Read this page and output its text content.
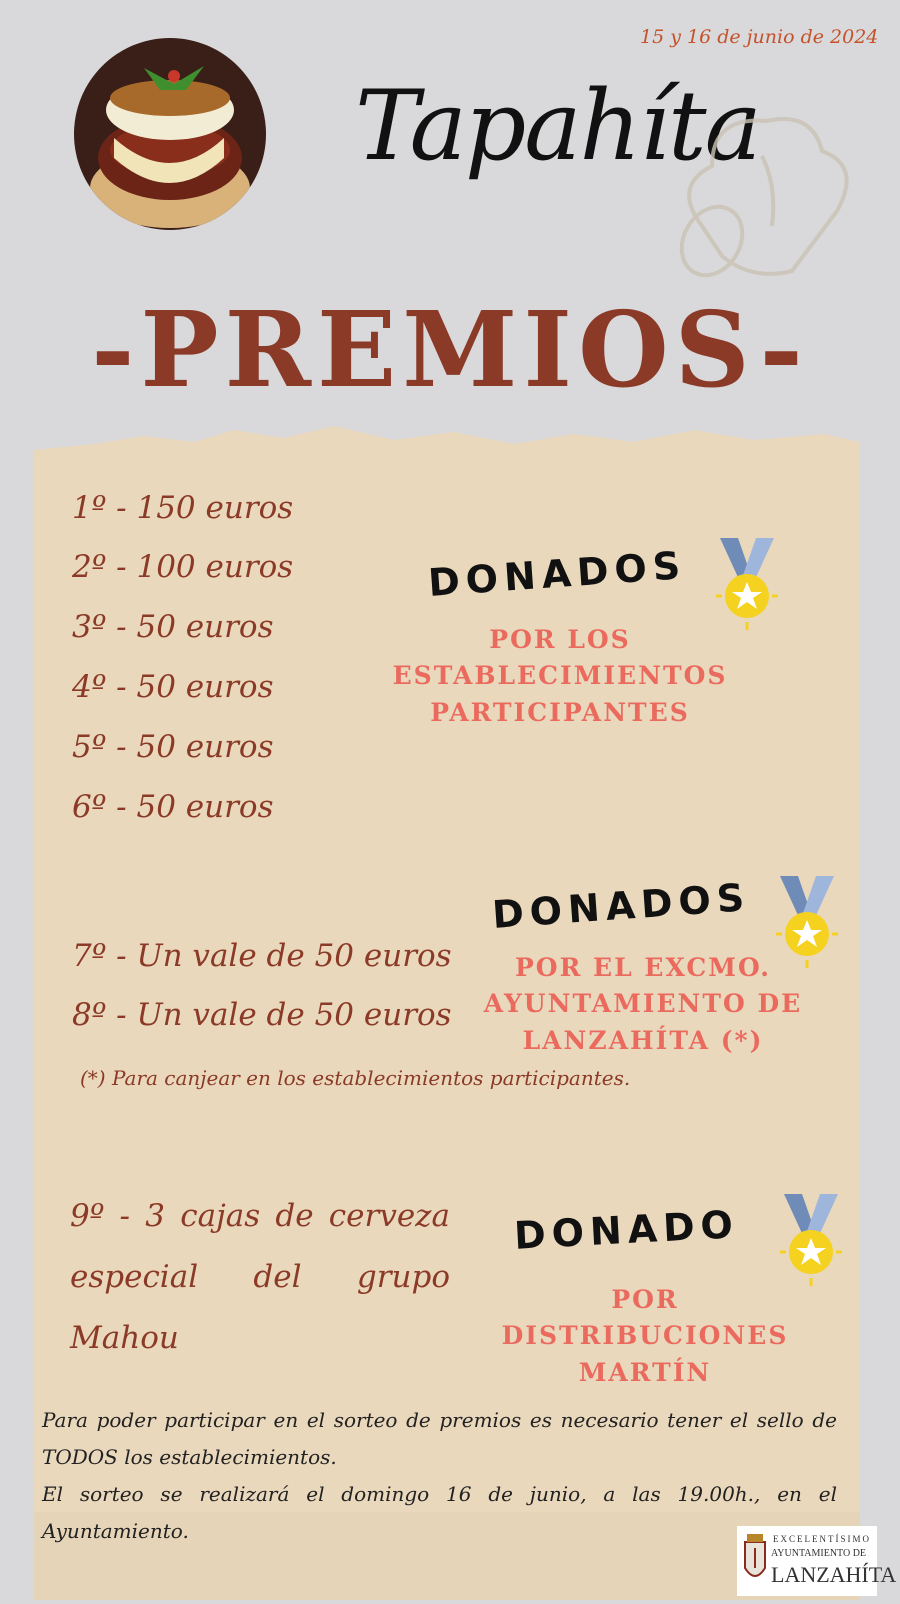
15 y 16 de junio de 2024
Tapahíta
-PREMIOS-
1º - 150 euros
2º - 100 euros
3º - 50 euros
4º - 50 euros
5º - 50 euros
6º - 50 euros
DONADOS
POR LOS
ESTABLECIMIENTOS
PARTICIPANTES
7º - Un vale de 50 euros
8º - Un vale de 50 euros
DONADOS
POR EL EXCMO.
AYUNTAMIENTO DE
LANZAHÍTA (*)
(*) Para canjear en los establecimientos participantes.
9º - 3 cajas de cerveza especial del grupo Mahou
DONADO
POR DISTRIBUCIONES
MARTÍN
Para poder participar en el sorteo de premios es necesario tener el sello de TODOS los establecimientos.
El sorteo se realizará el domingo 16 de junio, a las 19.00h., en el Ayuntamiento.	EXCELENTÍSIMO
AYUNTAMIENTO DE
LANZAHÍTA
